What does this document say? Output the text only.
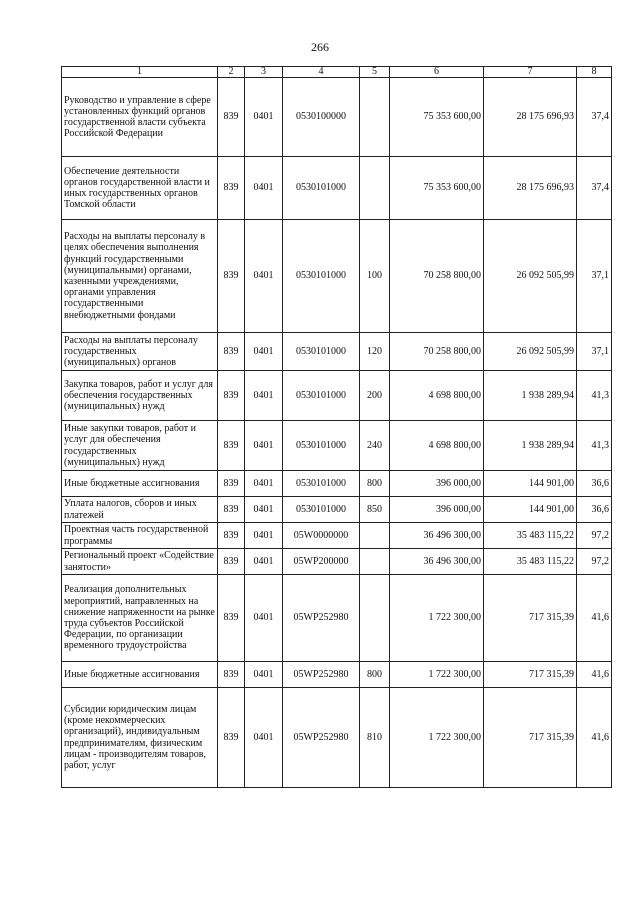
266
1	2	3	4	5	6	7	8
Руководство и управление в сфере установленных функций органов государственной власти субъекта Российской Федерации	839	0401	0530100000		75 353 600,00	28 175 696,93	37,4
Обеспечение деятельности органов государственной власти и иных государственных органов Томской области	839	0401	0530101000		75 353 600,00	28 175 696,93	37,4
Расходы на выплаты персоналу в целях обеспечения выполнения функций государственными (муниципальными) органами, казенными учреждениями, органами управления государственными внебюджетными фондами	839	0401	0530101000	100	70 258 800,00	26 092 505,99	37,1
Расходы на выплаты персоналу государственных (муниципальных) органов	839	0401	0530101000	120	70 258 800,00	26 092 505,99	37,1
Закупка товаров, работ и услуг для обеспечения государственных (муниципальных) нужд	839	0401	0530101000	200	4 698 800,00	1 938 289,94	41,3
Иные закупки товаров, работ и услуг для обеспечения государственных (муниципальных) нужд	839	0401	0530101000	240	4 698 800,00	1 938 289,94	41,3
Иные бюджетные ассигнования	839	0401	0530101000	800	396 000,00	144 901,00	36,6
Уплата налогов, сборов и иных платежей	839	0401	0530101000	850	396 000,00	144 901,00	36,6
Проектная часть государственной программы	839	0401	05W0000000		36 496 300,00	35 483 115,22	97,2
Региональный проект «Содействие занятости»	839	0401	05WP200000		36 496 300,00	35 483 115,22	97,2
Реализация дополнительных мероприятий, направленных на снижение напряженности на рынке труда субъектов Российской Федерации, по организации временного трудоустройства	839	0401	05WP252980		1 722 300,00	717 315,39	41,6
Иные бюджетные ассигнования	839	0401	05WP252980	800	1 722 300,00	717 315,39	41,6
Субсидии юридическим лицам (кроме некоммерческих организаций), индивидуальным предпринимателям, физическим лицам - производителям товаров, работ, услуг	839	0401	05WP252980	810	1 722 300,00	717 315,39	41,6
